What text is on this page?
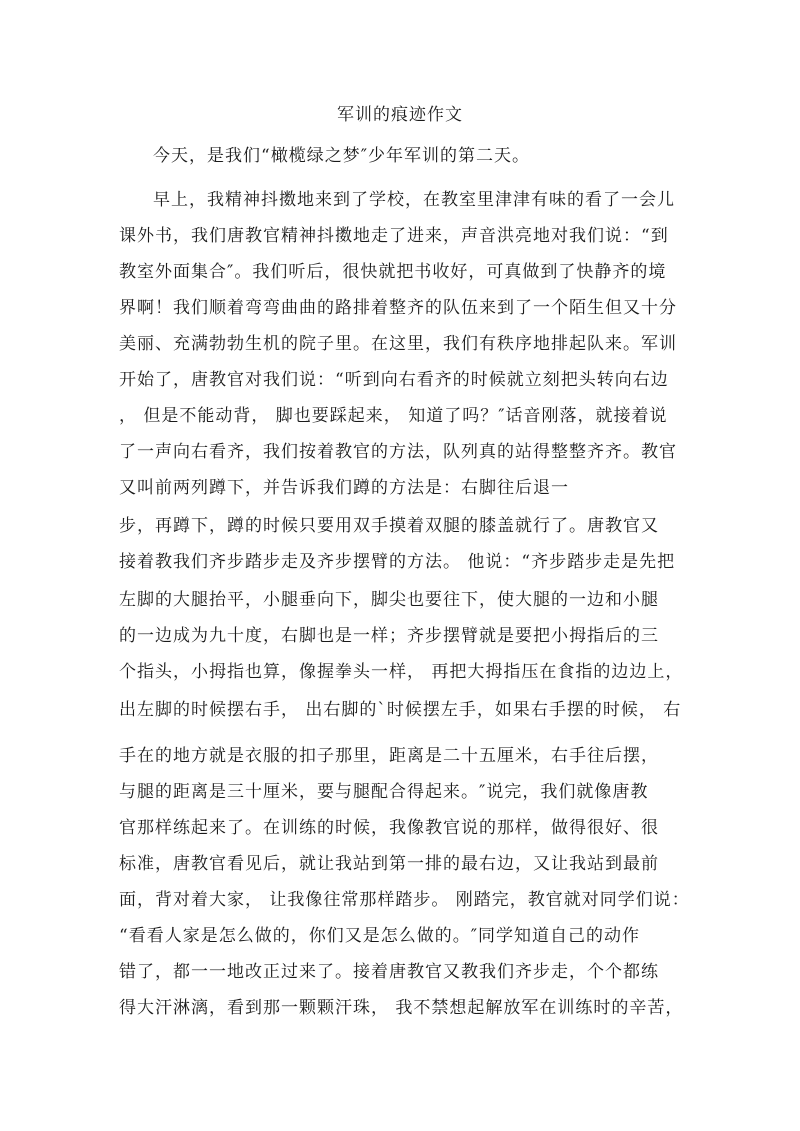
军训的痕迹作文
今天，是我们“橄榄绿之梦″少年军训的第二天。
早上，我精神抖擞地来到了学校，在教室里津津有味的看了一会儿
课外书，我们唐教官精神抖擞地走了进来，声音洪亮地对我们说：“到
教室外面集合″。我们听后，很快就把书收好，可真做到了快静齐的境
界啊！我们顺着弯弯曲曲的路排着整齐的队伍来到了一个陌生但又十分
美丽、充满勃勃生机的院子里。在这里，我们有秩序地排起队来。军训
开始了，唐教官对我们说：“听到向右看齐的时候就立刻把头转向右边
， 但是不能动背， 脚也要踩起来， 知道了吗？″话音刚落，就接着说
了一声向右看齐，我们按着教官的方法，队列真的站得整整齐齐。教官
又叫前两列蹲下，并告诉我们蹲的方法是：右脚往后退一
步，再蹲下，蹲的时候只要用双手摸着双腿的膝盖就行了。唐教官又
接着教我们齐步踏步走及齐步摆臂的方法。 他说：“齐步踏步走是先把
左脚的大腿抬平，小腿垂向下，脚尖也要往下，使大腿的一边和小腿
的一边成为九十度，右脚也是一样；齐步摆臂就是要把小拇指后的三
个指头，小拇指也算，像握拳头一样， 再把大拇指压在食指的边边上，
出左脚的时候摆右手， 出右脚的`时候摆左手，如果右手摆的时候， 右
手在的地方就是衣服的扣子那里，距离是二十五厘米，右手往后摆，
与腿的距离是三十厘米，要与腿配合得起来。″说完，我们就像唐教
官那样练起来了。在训练的时候，我像教官说的那样，做得很好、很
标准，唐教官看见后，就让我站到第一排的最右边，又让我站到最前
面，背对着大家， 让我像往常那样踏步。 刚踏完，教官就对同学们说：
“看看人家是怎么做的，你们又是怎么做的。″同学知道自己的动作
错了，都一一地改正过来了。接着唐教官又教我们齐步走，个个都练
得大汗淋漓，看到那一颗颗汗珠， 我不禁想起解放军在训练时的辛苦，
